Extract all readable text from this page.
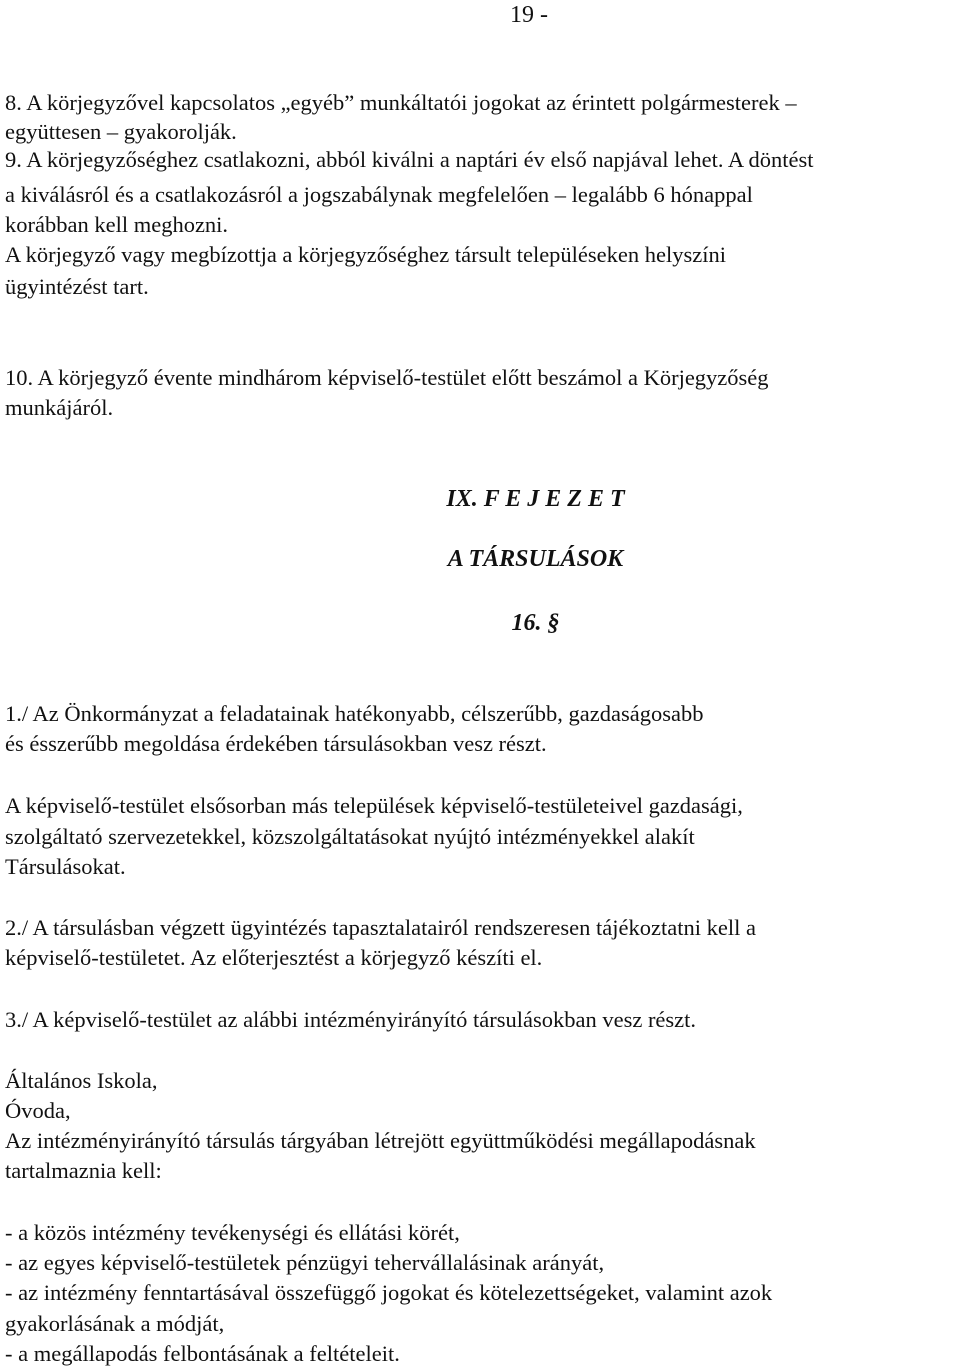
19 -
8. A körjegyzővel kapcsolatos „egyéb” munkáltatói jogokat az érintett polgármesterek –
együttesen – gyakorolják.
9. A körjegyzőséghez csatlakozni, abból kiválni a naptári év első napjával lehet. A döntést
a kiválásról és a csatlakozásról a jogszabálynak megfelelően – legalább 6 hónappal
korábban kell meghozni.
A körjegyző vagy megbízottja a körjegyzőséghez társult településeken helyszíni
ügyintézést tart.
10. A körjegyző évente mindhárom képviselő-testület előtt beszámol a Körjegyzőség
munkájáról.
IX. F E J E Z E T
A TÁRSULÁSOK
16. §
1./ Az Önkormányzat a feladatainak hatékonyabb, célszerűbb, gazdaságosabb
és ésszerűbb megoldása érdekében társulásokban vesz részt.
A képviselő-testület elsősorban más települések képviselő-testületeivel gazdasági,
szolgáltató szervezetekkel, közszolgáltatásokat nyújtó intézményekkel alakít
Társulásokat.
2./ A társulásban végzett ügyintézés tapasztalatairól rendszeresen tájékoztatni kell a
képviselő-testületet. Az előterjesztést a körjegyző készíti el.
3./ A képviselő-testület az alábbi intézményirányító társulásokban vesz részt.
Általános Iskola,
Óvoda,
Az intézményirányító társulás tárgyában létrejött együttműködési megállapodásnak
tartalmaznia kell:
- a közös intézmény tevékenységi és ellátási körét,
- az egyes képviselő-testületek pénzügyi tehervállalásinak arányát,
- az intézmény fenntartásával összefüggő jogokat és kötelezettségeket, valamint azok
gyakorlásának a módját,
- a megállapodás felbontásának a feltételeit.
